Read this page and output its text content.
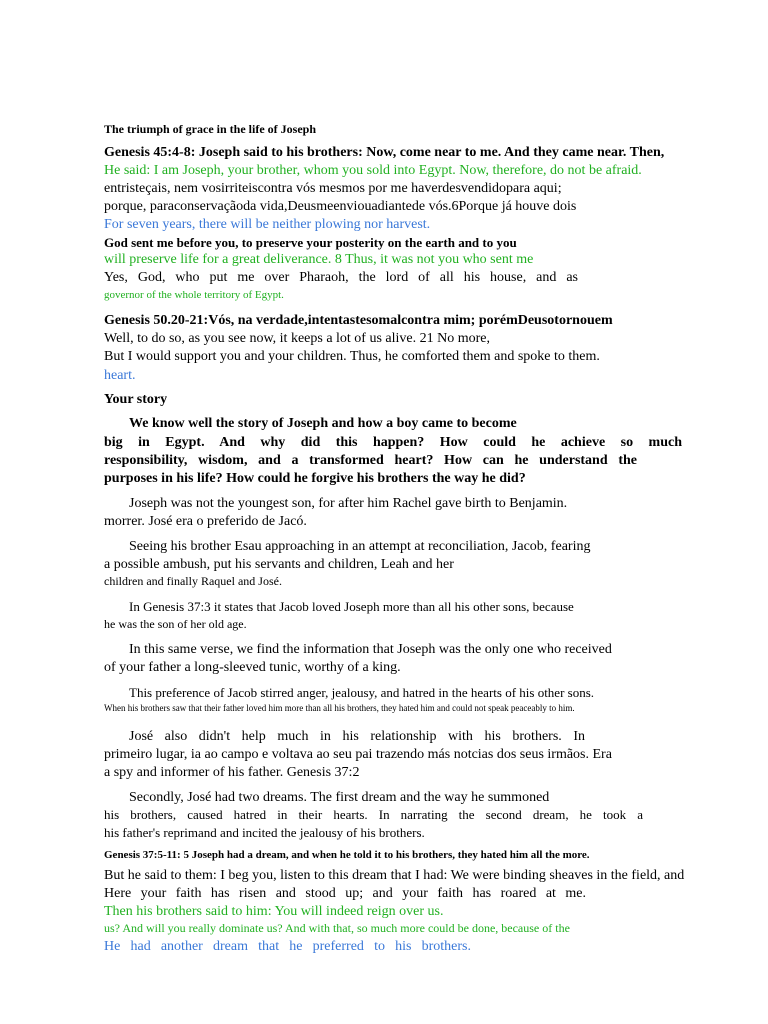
The triumph of grace in the life of Joseph
Genesis 45:4-8: Joseph said to his brothers: Now, come near to me. And they came near. Then,
He said: I am Joseph, your brother, whom you sold into Egypt. Now, therefore, do not be afraid.
entristeçais, nem vosirriteiscontra vós mesmos por me haverdesvendidopara aqui;
porque, paraconservaçãoda vida,Deusmeenviouadiantede vós.6Porque já houve dois
For seven years, there will be neither plowing nor harvest.
God sent me before you, to preserve your posterity on the earth and to you
will preserve life for a great deliverance. 8 Thus, it was not you who sent me
Yes, God, who put me over Pharaoh, the lord of all his house, and as
governor of the whole territory of Egypt.
Genesis 50.20-21:Vós, na verdade,intentastesomalcontra mim; porémDeusotornouem
Well, to do so, as you see now, it keeps a lot of us alive. 21 No more,
But I would support you and your children. Thus, he comforted them and spoke to them.
heart.
Your story
We know well the story of Joseph and how a boy came to become
big in Egypt. And why did this happen? How could he achieve so much
responsibility, wisdom, and a transformed heart? How can he understand the
purposes in his life? How could he forgive his brothers the way he did?
Joseph was not the youngest son, for after him Rachel gave birth to Benjamin.
morrer. José era o preferido de Jacó.
Seeing his brother Esau approaching in an attempt at reconciliation, Jacob, fearing
a possible ambush, put his servants and children, Leah and her
children and finally Raquel and José.
In Genesis 37:3 it states that Jacob loved Joseph more than all his other sons, because
he was the son of her old age.
In this same verse, we find the information that Joseph was the only one who received
of your father a long-sleeved tunic, worthy of a king.
This preference of Jacob stirred anger, jealousy, and hatred in the hearts of his other sons.
When his brothers saw that their father loved him more than all his brothers, they hated him and could not speak peaceably to him.
José also didn't help much in his relationship with his brothers. In
primeiro lugar, ia ao campo e voltava ao seu pai trazendo más notcias dos seus irmãos. Era
a spy and informer of his father. Genesis 37:2
Secondly, José had two dreams. The first dream and the way he summoned
his brothers, caused hatred in their hearts. In narrating the second dream, he took a
his father's reprimand and incited the jealousy of his brothers.
Genesis 37:5-11: 5 Joseph had a dream, and when he told it to his brothers, they hated him all the more.
But he said to them: I beg you, listen to this dream that I had: We were binding sheaves in the field, and
Here your faith has risen and stood up; and your faith has roared at me.
Then his brothers said to him: You will indeed reign over us.
us? And will you really dominate us? And with that, so much more could be done, because of the
He had another dream that he preferred to his brothers.
